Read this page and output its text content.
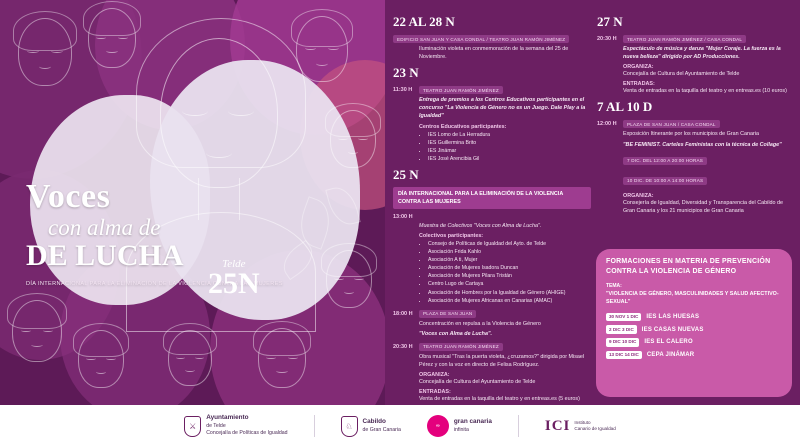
Voces
con alma de
DE LUCHA
DÍA INTERNACIONAL PARA LA ELIMINACIÓN DE LA VIOLENCIA CONTRA LAS MUJERES
Telde
25N
22 AL 28 N
EDIFICIO SAN JUAN Y CASA CONDAL / TEATRO JUAN RAMÓN JIMÉNEZ

Iluminación violeta en conmemoración de la semana del 25 de Noviembre.

23 N
11:30 H	TEATRO JUAN RAMÓN JIMÉNEZ

Entrega de premios a los Centros Educativos participantes en el concurso "La Violencia de Género no es un Juego. Dale Play a la Igualdad"

Centros Educativos participantes:
• IES Lomo de La Herradura
• IES Guillermina Brito
• IES Jinámar
• IES José Arencibia Gil
25 N
DÍA INTERNACIONAL PARA LA ELIMINACIÓN DE LA VIOLENCIA CONTRA LAS MUJERES
13:00 H

Muestra de Colectivos "Voces con Alma de Lucha".

Colectivos participantes:
• Consejo de Políticas de Igualdad del Ayto. de Telde
• Asociación Frida Kahlo
• Asociación A ti, Mujer
• Asociación de Mujeres Isadora Duncan
• Asociación de Mujeres Pilara Tristán
• Centro Lugo de Cartaya
• Asociación de Hombres por la Igualdad de Género (AHIGE)
• Asociación de Mujeres Africanas en Canarias (AMAC)
18:00 H	PLAZA DE SAN JUAN

Concentración en repulsa a la Violencia de Género

"Voces con Alma de Lucha".

20:30 H	TEATRO JUAN RAMÓN JIMÉNEZ

Obra musical "Tras la puerta violeta, ¿cruzamos?" dirigida por Misael Pérez y con la voz en directo de Felisa Rodríguez.

ORGANIZA:

Concejalía de Cultura del Ayuntamiento de Telde

ENTRADAS:

Venta de entradas en la taquilla del teatro y en entreas.es (5 euros)

27 N
20:30 H	TEATRO JUAN RAMÓN JIMÉNEZ / CASA CONDAL

Espectáculo de música y danza "Mujer Coraje. La fuerza es la nueva belleza" dirigido por AD Producciones.

ORGANIZA:

Concejalía de Cultura del Ayuntamiento de Telde

ENTRADAS:

Venta de entradas en la taquilla del teatro y en entreas.es (10 euros)

7 AL 10 D
12:00 H	PLAZA DE SAN JUAN / CASA CONDAL

Exposición Itinerante por los municipios de Gran Canaria

"BE FEMINIST. Carteles Feministas con la técnica de Collage"

7 DIC. DEL 12:00 A 20:00 HORAS
10 DIC. DE 10:00 A 14:00 HORAS
ORGANIZA:

Consejería de Igualdad, Diversidad y Transparencia del Cabildo de Gran Canaria y los 21 municipios de Gran Canaria

FORMACIONES EN MATERIA DE PREVENCIÓN CONTRA LA VIOLENCIA DE GÉNERO
TEMA:
"VIOLENCIA DE GÉNERO, MASCULINIDADES Y SALUD AFECTIVO-SEXUAL"
30 NOV 1 DIC	IES LAS HUESAS
2 DIC 3 DIC	IES CASAS NUEVAS
9 DIC 10 DIC	IES EL CALERO
13 DIC 14 DIC	CEPA JINÁMAR
⚔
Ayuntamiento
de Telde
Concejalía de Políticas de Igualdad
♘
Cabildo
de Gran Canaria
∞
gran canaria
infinita	ICI Instituto
Canario de Igualdad
